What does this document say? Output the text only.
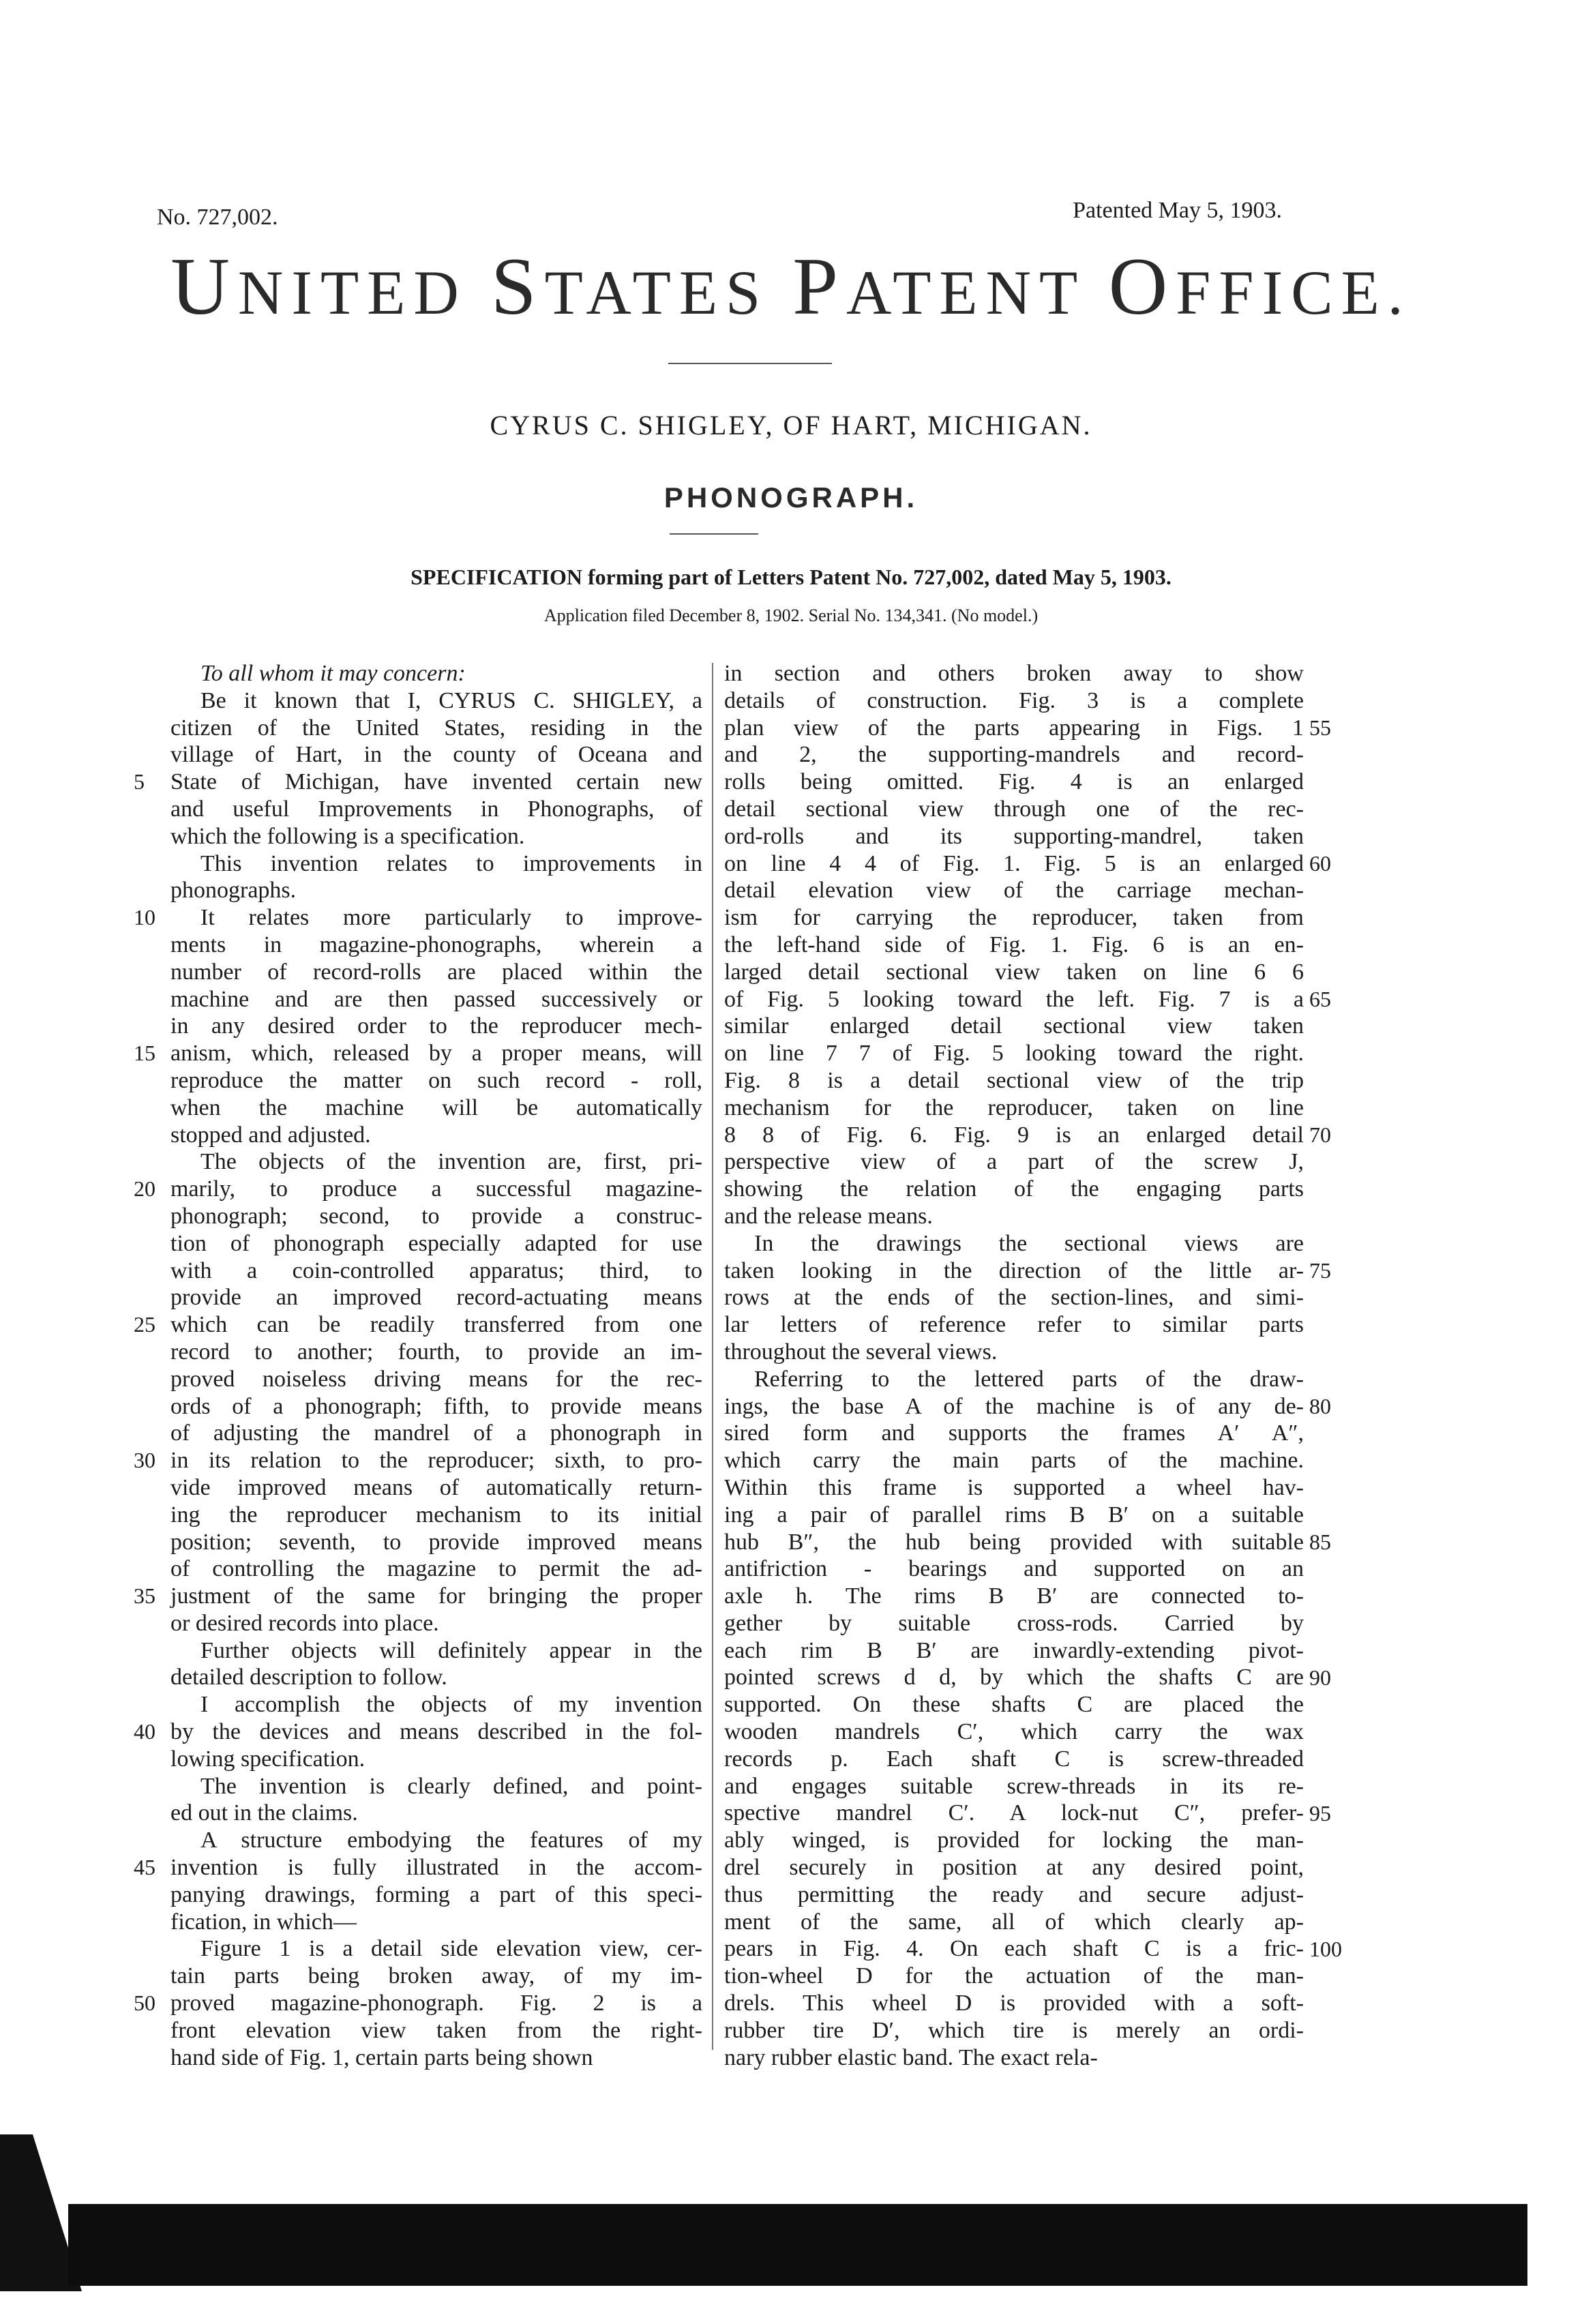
No. 727,002.	Patented May 5, 1903.
UNITED STATES PATENT OFFICE.
CYRUS C. SHIGLEY, OF HART, MICHIGAN.
PHONOGRAPH.
SPECIFICATION forming part of Letters Patent No. 727,002, dated May 5, 1903.
Application filed December 8, 1902. Serial No. 134,341. (No model.)
5
10
15
20
25
30
35
40
45
50
To all whom it may concern:
Be it known that I, CYRUS C. SHIGLEY, a
citizen of the United States, residing in the
village of Hart, in the county of Oceana and
State of Michigan, have invented certain new
and useful Improvements in Phonographs, of
which the following is a specification.
This invention relates to improvements in
phonographs.
It relates more particularly to improve-
ments in magazine-phonographs, wherein a
number of record-rolls are placed within the
machine and are then passed successively or
in any desired order to the reproducer mech-
anism, which, released by a proper means, will
reproduce the matter on such record - roll,
when the machine will be automatically
stopped and adjusted.
The objects of the invention are, first, pri-
marily, to produce a successful magazine-
phonograph; second, to provide a construc-
tion of phonograph especially adapted for use
with a coin-controlled apparatus; third, to
provide an improved record-actuating means
which can be readily transferred from one
record to another; fourth, to provide an im-
proved noiseless driving means for the rec-
ords of a phonograph; fifth, to provide means
of adjusting the mandrel of a phonograph in
in its relation to the reproducer; sixth, to pro-
vide improved means of automatically return-
ing the reproducer mechanism to its initial
position; seventh, to provide improved means
of controlling the magazine to permit the ad-
justment of the same for bringing the proper
or desired records into place.
Further objects will definitely appear in the
detailed description to follow.
I accomplish the objects of my invention
by the devices and means described in the fol-
lowing specification.
The invention is clearly defined, and point-
ed out in the claims.
A structure embodying the features of my
invention is fully illustrated in the accom-
panying drawings, forming a part of this speci-
fication, in which—
Figure 1 is a detail side elevation view, cer-
tain parts being broken away, of my im-
proved magazine-phonograph. Fig. 2 is a
front elevation view taken from the right-
hand side of Fig. 1, certain parts being shown
in section and others broken away to show
details of construction. Fig. 3 is a complete
plan view of the parts appearing in Figs. 1
and 2, the supporting-mandrels and record-
rolls being omitted. Fig. 4 is an enlarged
detail sectional view through one of the rec-
ord-rolls and its supporting-mandrel, taken
on line 4 4 of Fig. 1. Fig. 5 is an enlarged
detail elevation view of the carriage mechan-
ism for carrying the reproducer, taken from
the left-hand side of Fig. 1. Fig. 6 is an en-
larged detail sectional view taken on line 6 6
of Fig. 5 looking toward the left. Fig. 7 is a
similar enlarged detail sectional view taken
on line 7 7 of Fig. 5 looking toward the right.
Fig. 8 is a detail sectional view of the trip
mechanism for the reproducer, taken on line
8 8 of Fig. 6. Fig. 9 is an enlarged detail
perspective view of a part of the screw J,
showing the relation of the engaging parts
and the release means.
In the drawings the sectional views are
taken looking in the direction of the little ar-
rows at the ends of the section-lines, and simi-
lar letters of reference refer to similar parts
throughout the several views.
Referring to the lettered parts of the draw-
ings, the base A of the machine is of any de-
sired form and supports the frames A′ A″,
which carry the main parts of the machine.
Within this frame is supported a wheel hav-
ing a pair of parallel rims B B′ on a suitable
hub B″, the hub being provided with suitable
antifriction - bearings and supported on an
axle h. The rims B B′ are connected to-
gether by suitable cross-rods. Carried by
each rim B B′ are inwardly-extending pivot-
pointed screws d d, by which the shafts C are
supported. On these shafts C are placed the
wooden mandrels C′, which carry the wax
records p. Each shaft C is screw-threaded
and engages suitable screw-threads in its re-
spective mandrel C′. A lock-nut C″, prefer-
ably winged, is provided for locking the man-
drel securely in position at any desired point,
thus permitting the ready and secure adjust-
ment of the same, all of which clearly ap-
pears in Fig. 4. On each shaft C is a fric-
tion-wheel D for the actuation of the man-
drels. This wheel D is provided with a soft-
rubber tire D′, which tire is merely an ordi-
nary rubber elastic band. The exact rela-
55
60
65
70
75
80
85
90
95
100
